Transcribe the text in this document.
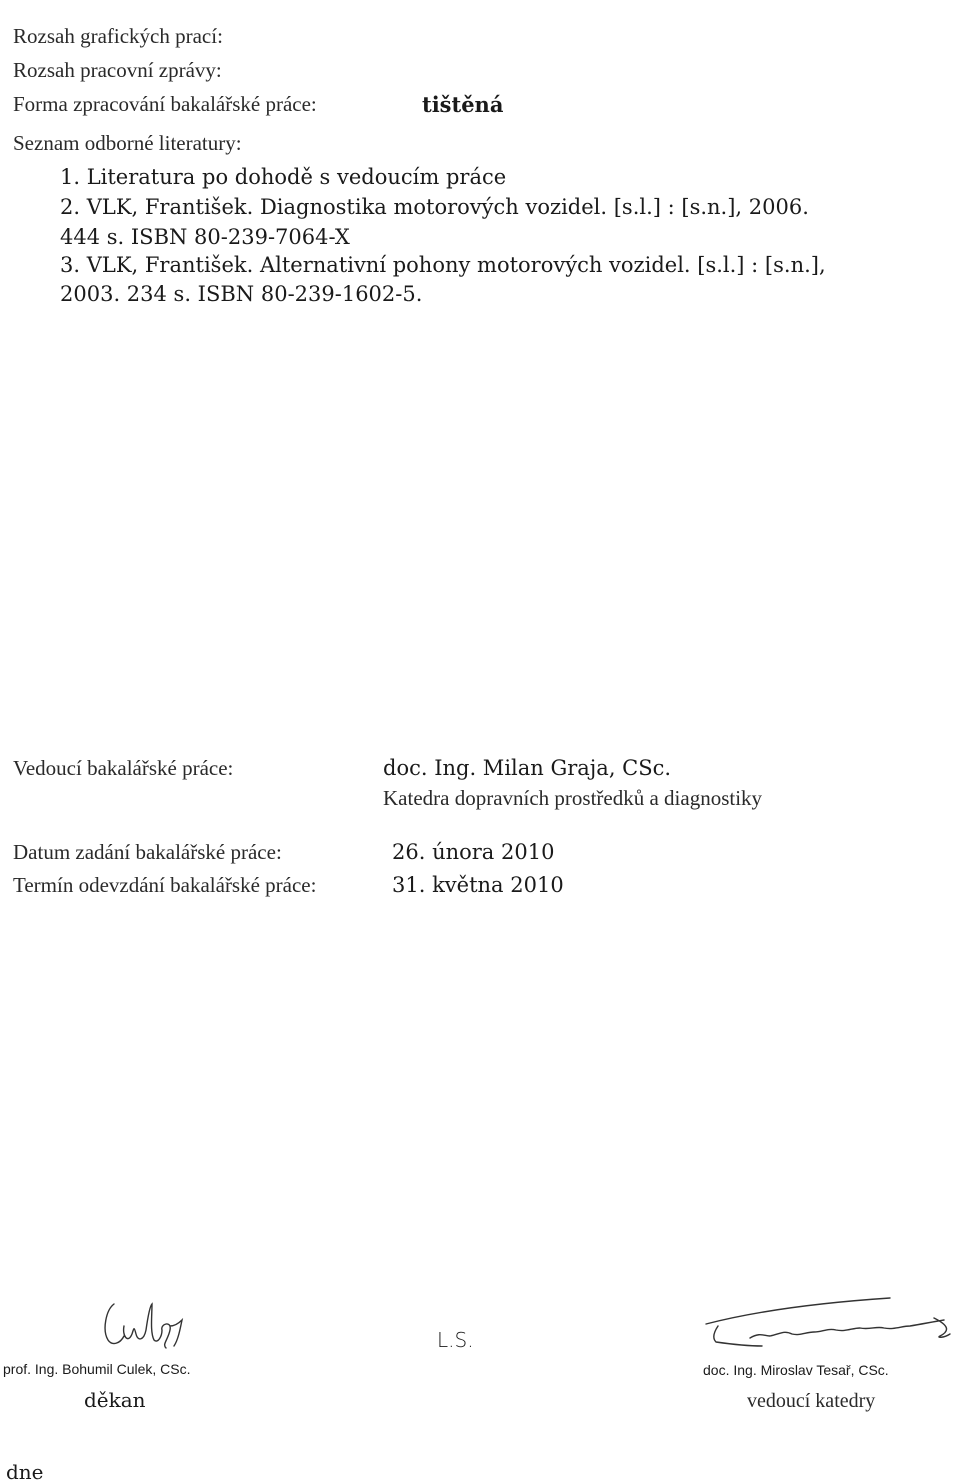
Rozsah grafických prací:
Rozsah pracovní zprávy:
Forma zpracování bakalářské práce:	tištěná
Seznam odborné literatury:
1. Literatura po dohodě s vedoucím práce
2. VLK, František. Diagnostika motorových vozidel. [s.l.] : [s.n.], 2006.
444 s. ISBN 80-239-7064-X
3. VLK, František. Alternativní pohony motorových vozidel. [s.l.] : [s.n.],
2003. 234 s. ISBN 80-239-1602-5.
Vedoucí bakalářské práce:	doc. Ing. Milan Graja, CSc.
Katedra dopravních prostředků a diagnostiky
Datum zadání bakalářské práce:	26. února 2010
Termín odevzdání bakalářské práce:	31. května 2010
prof. Ing. Bohumil Culek, CSc.
děkan
L.S.
doc. Ing. Miroslav Tesař, CSc.
vedoucí katedry
dne
